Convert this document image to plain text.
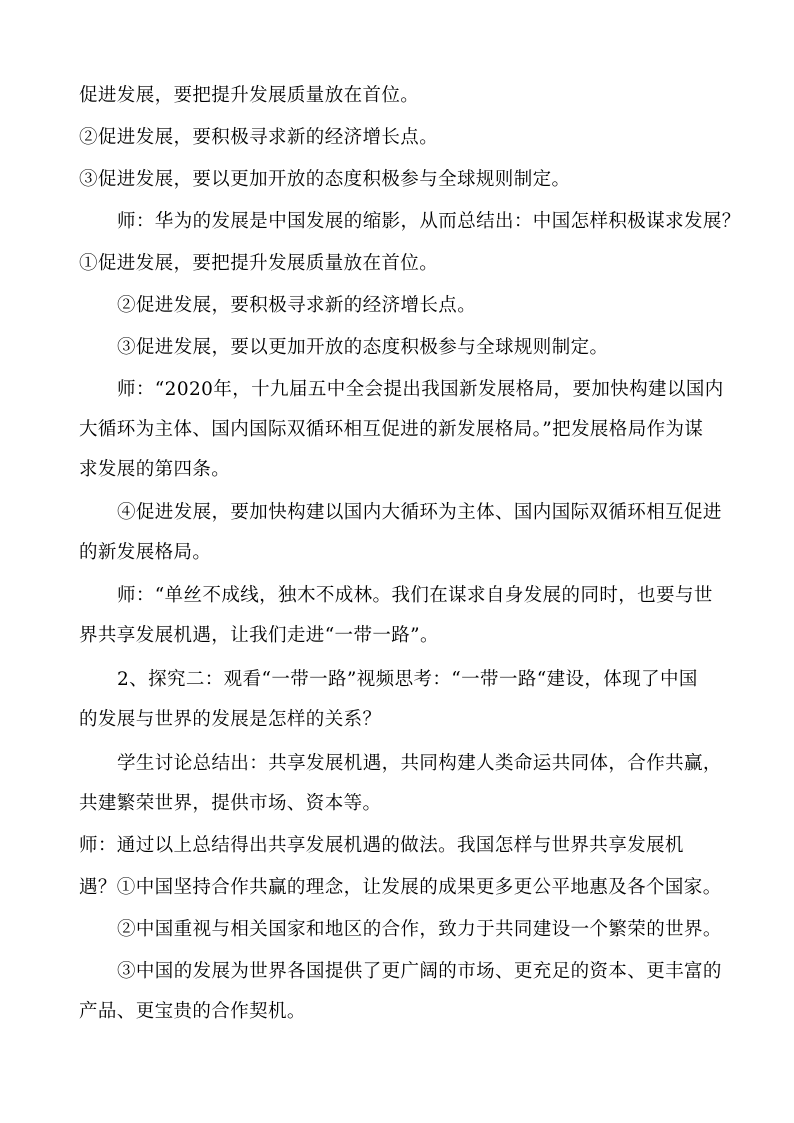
促进发展，要把提升发展质量放在首位。
②促进发展，要积极寻求新的经济增长点。
③促进发展，要以更加开放的态度积极参与全球规则制定。
师：华为的发展是中国发展的缩影，从而总结出：中国怎样积极谋求发展？
①促进发展，要把提升发展质量放在首位。
②促进发展，要积极寻求新的经济增长点。
③促进发展，要以更加开放的态度积极参与全球规则制定。
师：“2020年，十九届五中全会提出我国新发展格局，要加快构建以国内
大循环为主体、国内国际双循环相互促进的新发展格局。”把发展格局作为谋
求发展的第四条。
④促进发展，要加快构建以国内大循环为主体、国内国际双循环相互促进
的新发展格局。
师：“单丝不成线，独木不成林。我们在谋求自身发展的同时，也要与世
界共享发展机遇，让我们走进“一带一路”。
2、探究二：观看“一带一路”视频思考：“一带一路“建设，体现了中国
的发展与世界的发展是怎样的关系？
学生讨论总结出：共享发展机遇，共同构建人类命运共同体，合作共赢，
共建繁荣世界，提供市场、资本等。
师：通过以上总结得出共享发展机遇的做法。我国怎样与世界共享发展机
遇？①中国坚持合作共赢的理念，让发展的成果更多更公平地惠及各个国家。
②中国重视与相关国家和地区的合作，致力于共同建设一个繁荣的世界。
③中国的发展为世界各国提供了更广阔的市场、更充足的资本、更丰富的
产品、更宝贵的合作契机。
